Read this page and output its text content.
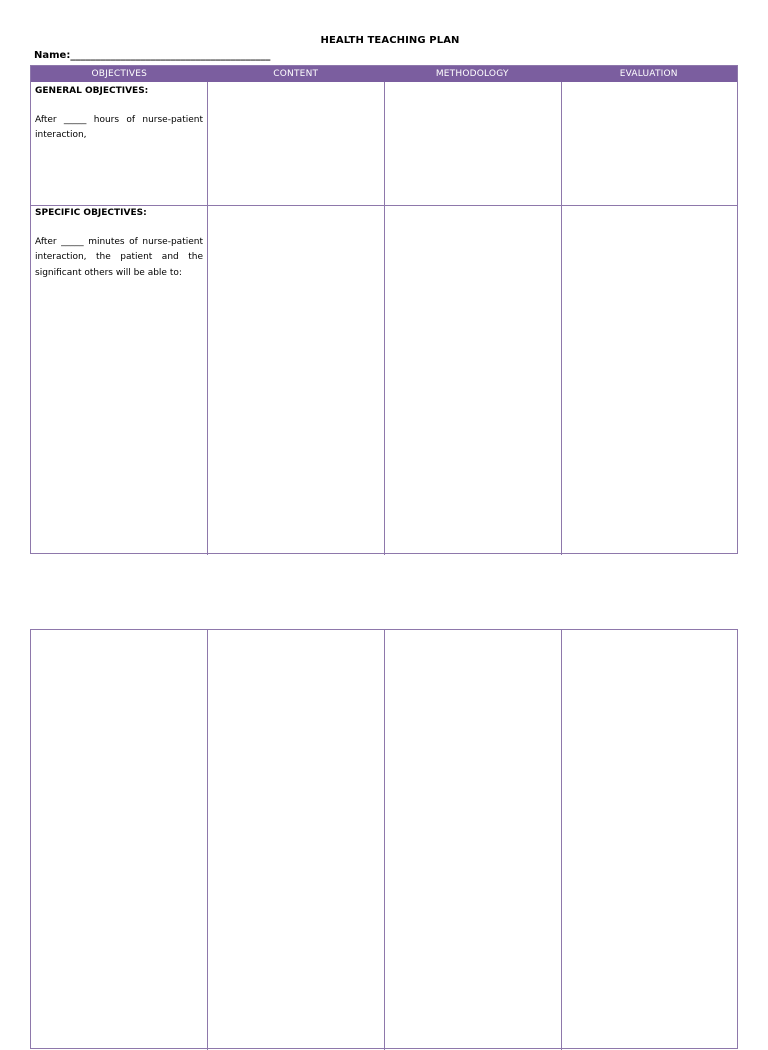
HEALTH TEACHING PLAN
Name:________________________________________
OBJECTIVES	CONTENT	METHODOLOGY	EVALUATION
GENERAL OBJECTIVES:
After _____ hours of nurse-patient interaction,
SPECIFIC OBJECTIVES:
After _____ minutes of nurse-patient interaction, the patient and the significant others will be able to:
